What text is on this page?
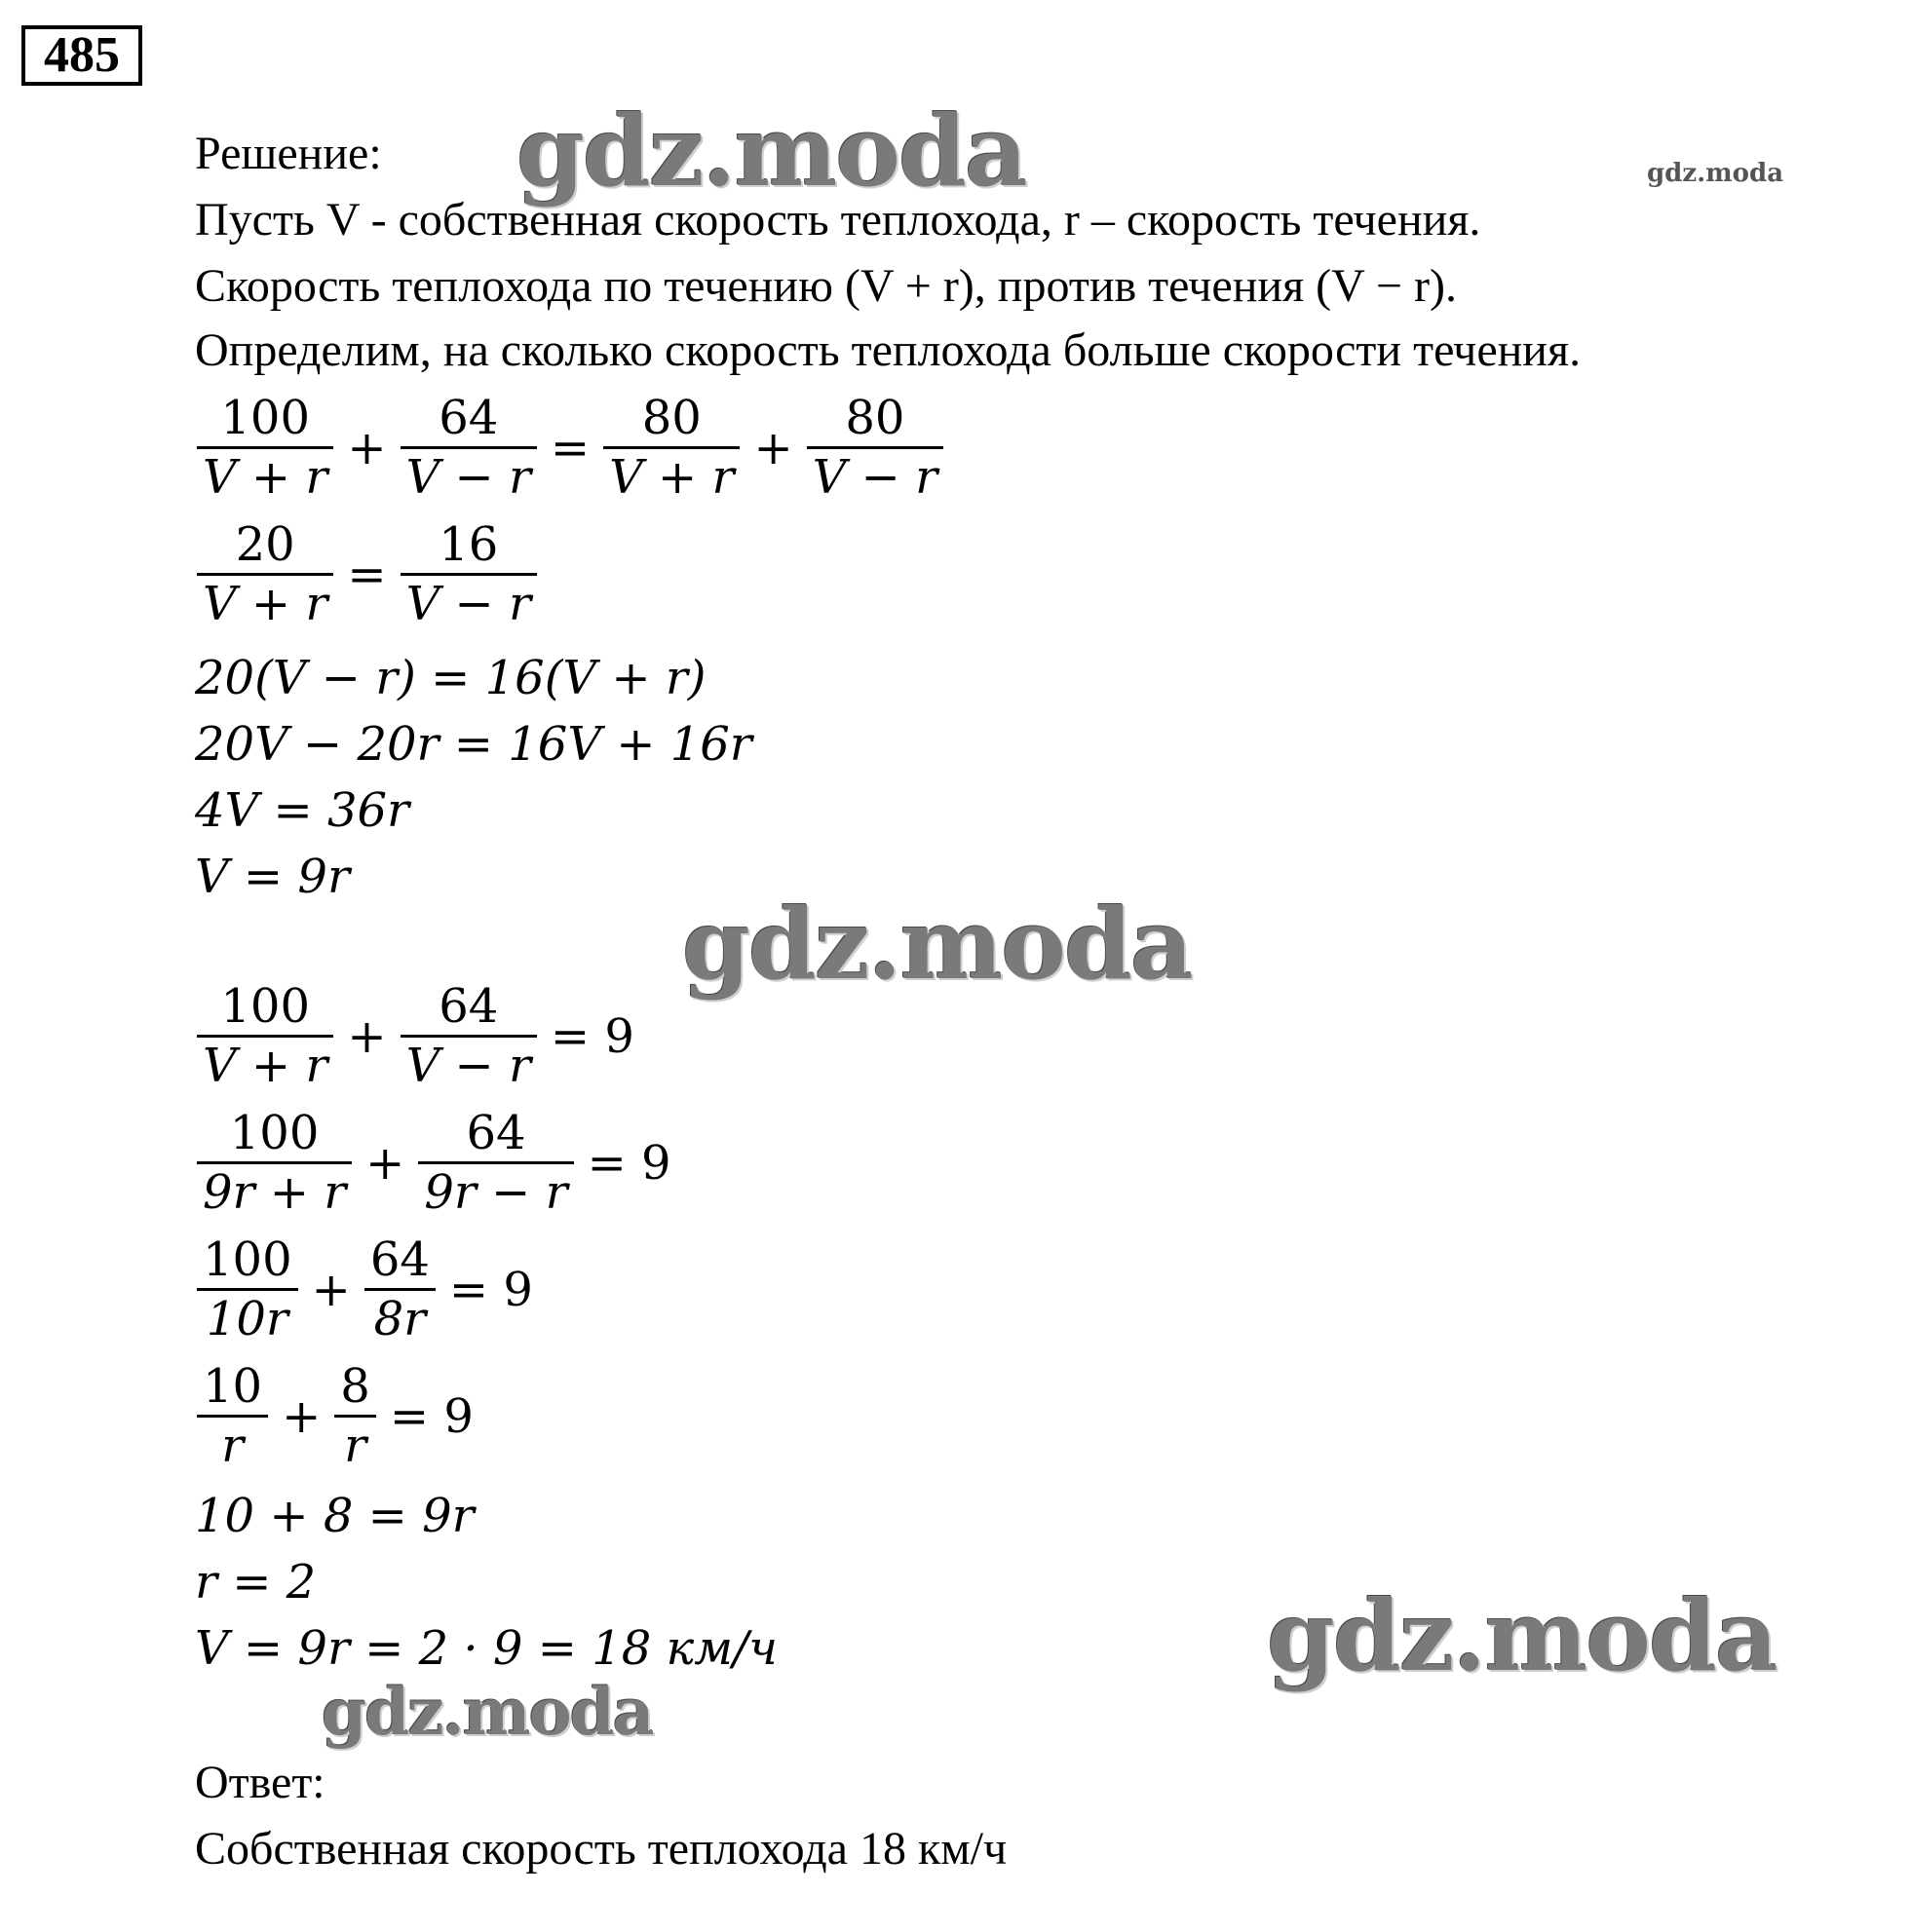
485
gdz.moda	gdz.moda
gdz.moda
gdz.moda
gdz.moda
Решение:
Пусть V - собственная скорость теплохода, r – скорость течения.
Скорость теплохода по течению (V + r), против течения (V − r).
Определим, на сколько скорость теплохода больше скорости течения.
$\frac{100}{V + r} + \frac{64}{V - r} = \frac{80}{V + r} + \frac{80}{V - r}$
$\frac{20}{V + r} = \frac{16}{V - r}$
20(V − r) = 16(V + r)
20V − 20r = 16V + 16r
4V = 36r
V = 9r
$\frac{100}{V + r} + \frac{64}{V - r} = 9$
$\frac{100}{9r + r} + \frac{64}{9r - r} = 9$
$\frac{100}{10r} + \frac{64}{8r} = 9$
$\frac{10}{r} + \frac{8}{r} = 9$
10 + 8 = 9r
r = 2
V = 9r = 2 · 9 = 18 км/ч
Ответ:
Собственная скорость теплохода 18 км/ч
